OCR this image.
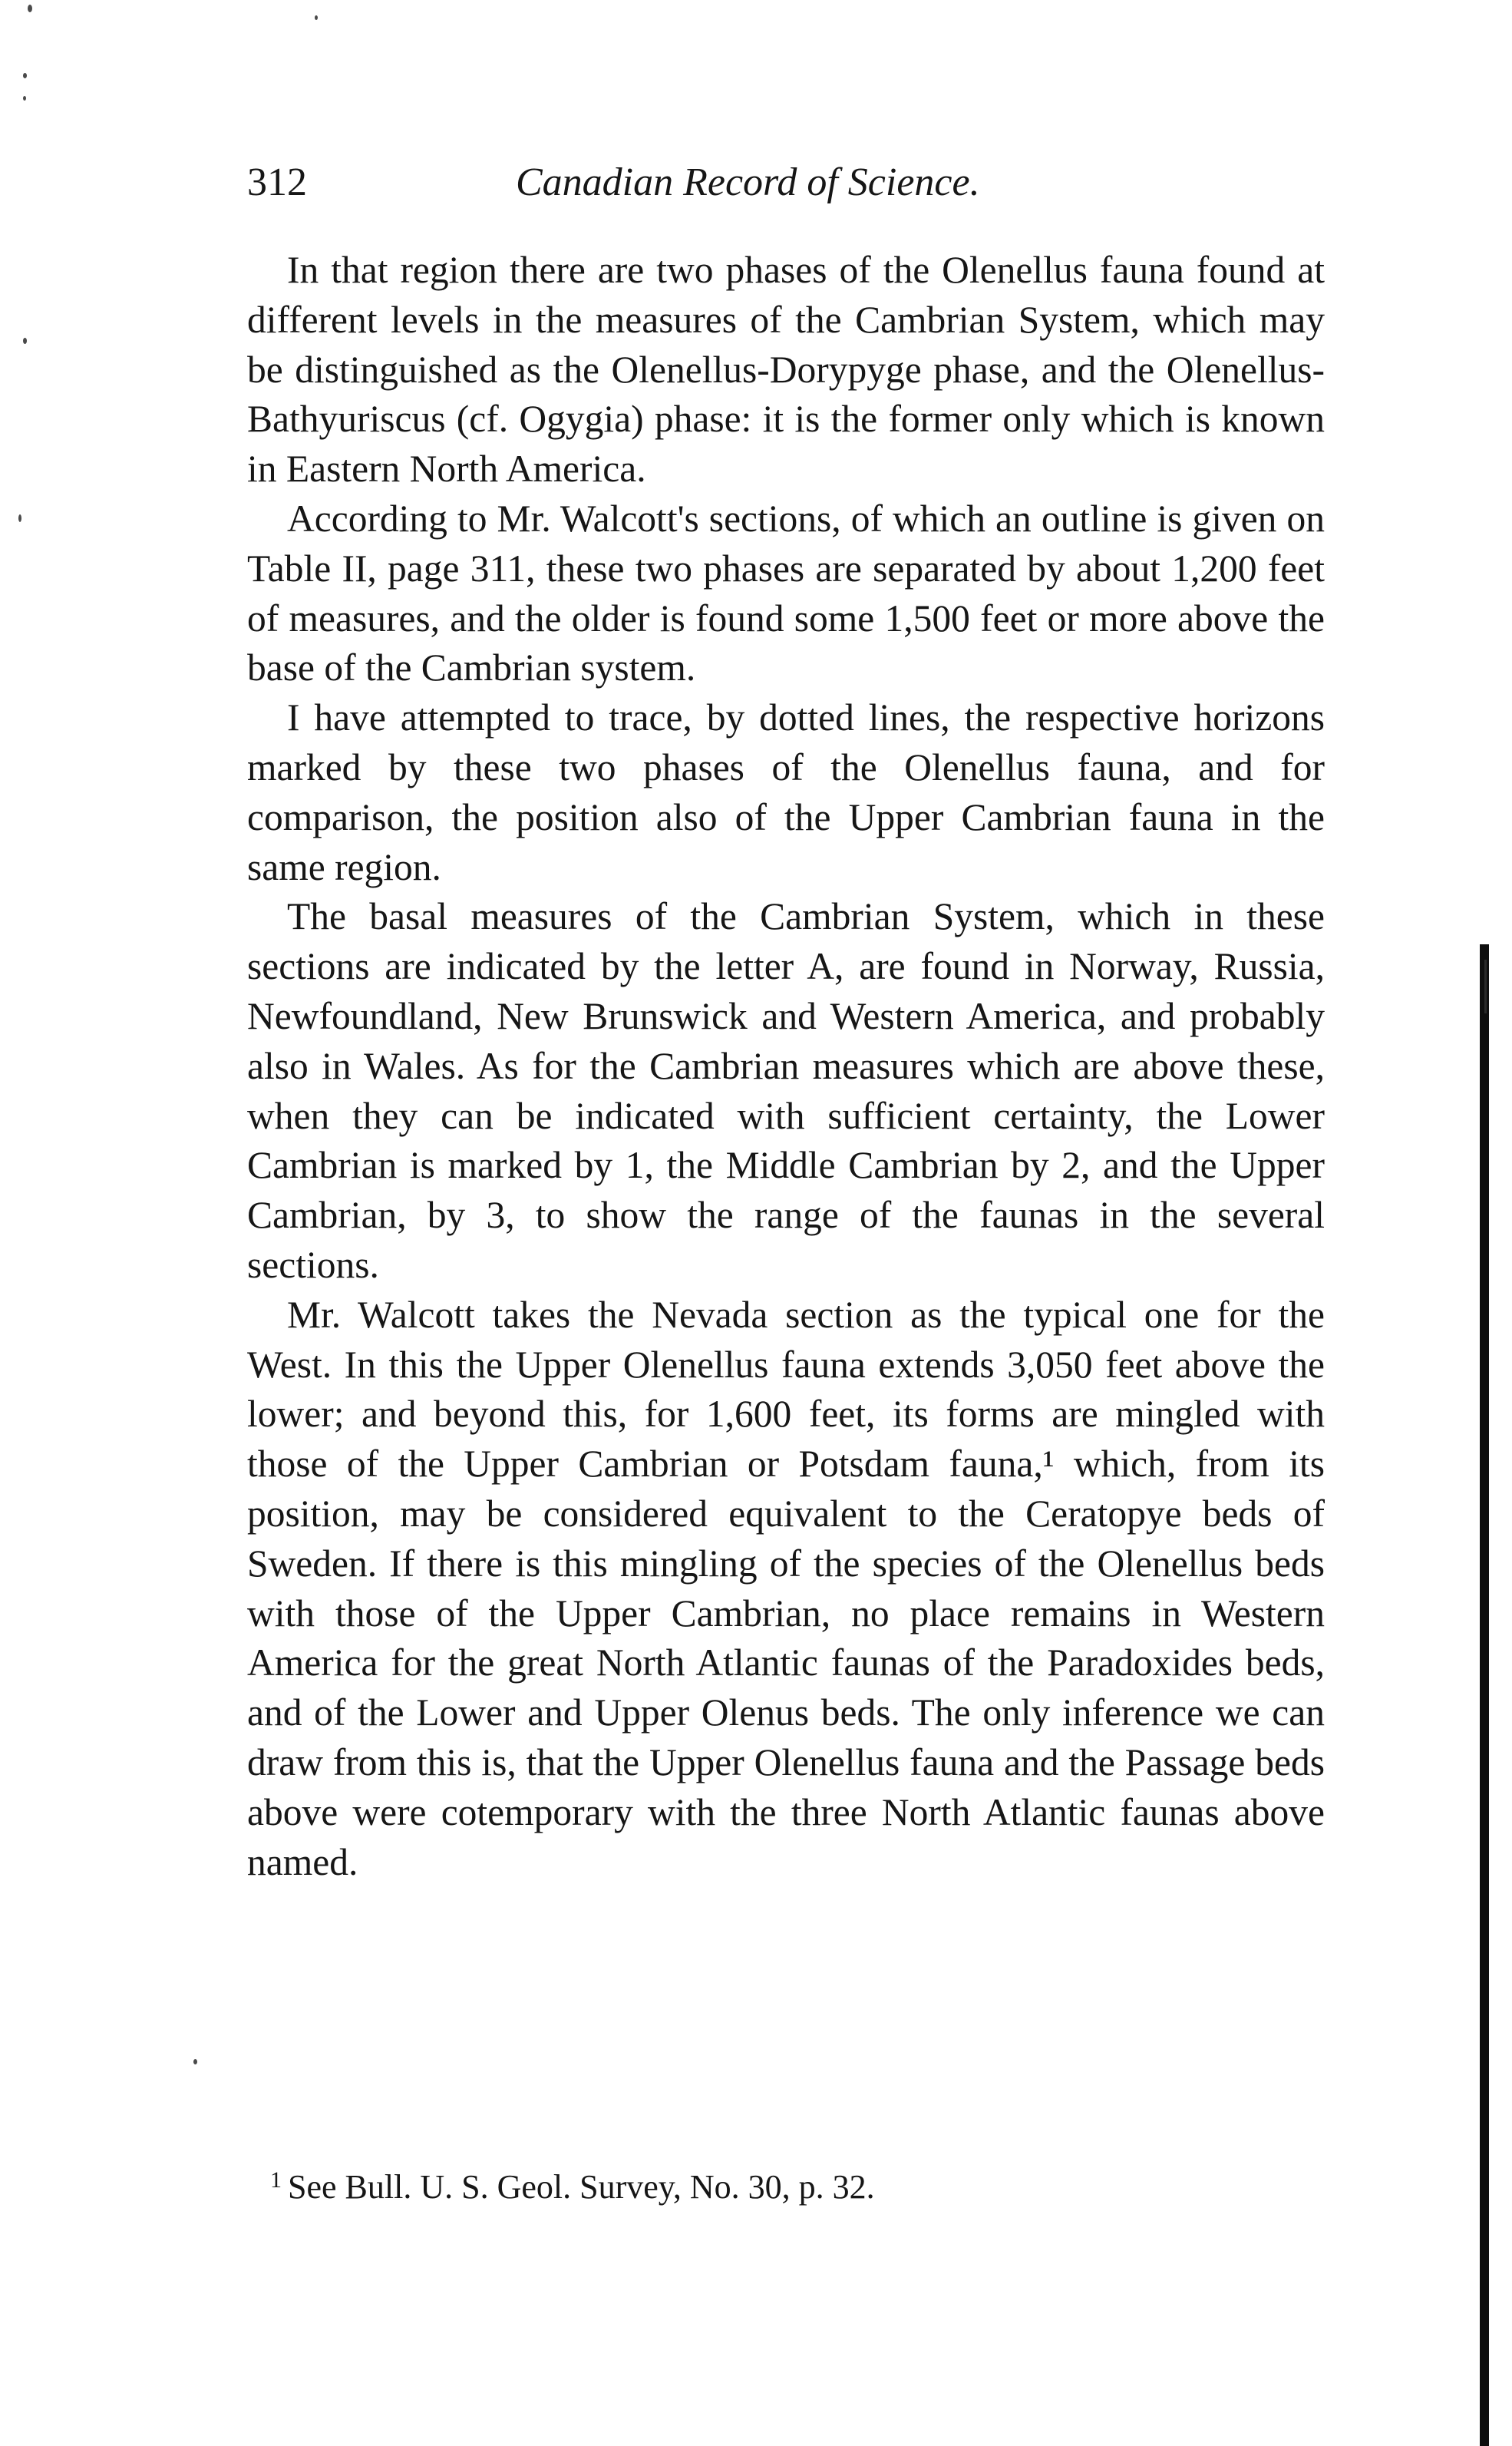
312	Canadian Record of Science.

In that region there are two phases of the Olenellus fauna found at different levels in the measures of the Cambrian System, which may be distinguished as the Olenellus-Dorypyge phase, and the Olenellus-Bathyuriscus (cf. Ogygia) phase: it is the former only which is known in Eastern North America.

According to Mr. Walcott's sections, of which an outline is given on Table II, page 311, these two phases are separated by about 1,200 feet of measures, and the older is found some 1,500 feet or more above the base of the Cambrian system.

I have attempted to trace, by dotted lines, the respective horizons marked by these two phases of the Olenellus fauna, and for comparison, the position also of the Upper Cambrian fauna in the same region.

The basal measures of the Cambrian System, which in these sections are indicated by the letter A, are found in Norway, Russia, Newfoundland, New Brunswick and Western America, and probably also in Wales. As for the Cambrian measures which are above these, when they can be indicated with sufficient certainty, the Lower Cambrian is marked by 1, the Middle Cambrian by 2, and the Upper Cambrian, by 3, to show the range of the faunas in the several sections.

Mr. Walcott takes the Nevada section as the typical one for the West. In this the Upper Olenellus fauna extends 3,050 feet above the lower; and beyond this, for 1,600 feet, its forms are mingled with those of the Upper Cambrian or Potsdam fauna,¹ which, from its position, may be considered equivalent to the Ceratopye beds of Sweden. If there is this mingling of the species of the Olenellus beds with those of the Upper Cambrian, no place remains in Western America for the great North Atlantic faunas of the Paradoxides beds, and of the Lower and Upper Olenus beds. The only inference we can draw from this is, that the Upper Olenellus fauna and the Passage beds above were cotemporary with the three North Atlantic faunas above named.

$^1$ See Bull. U. S. Geol. Survey, No. 30, p. 32.
